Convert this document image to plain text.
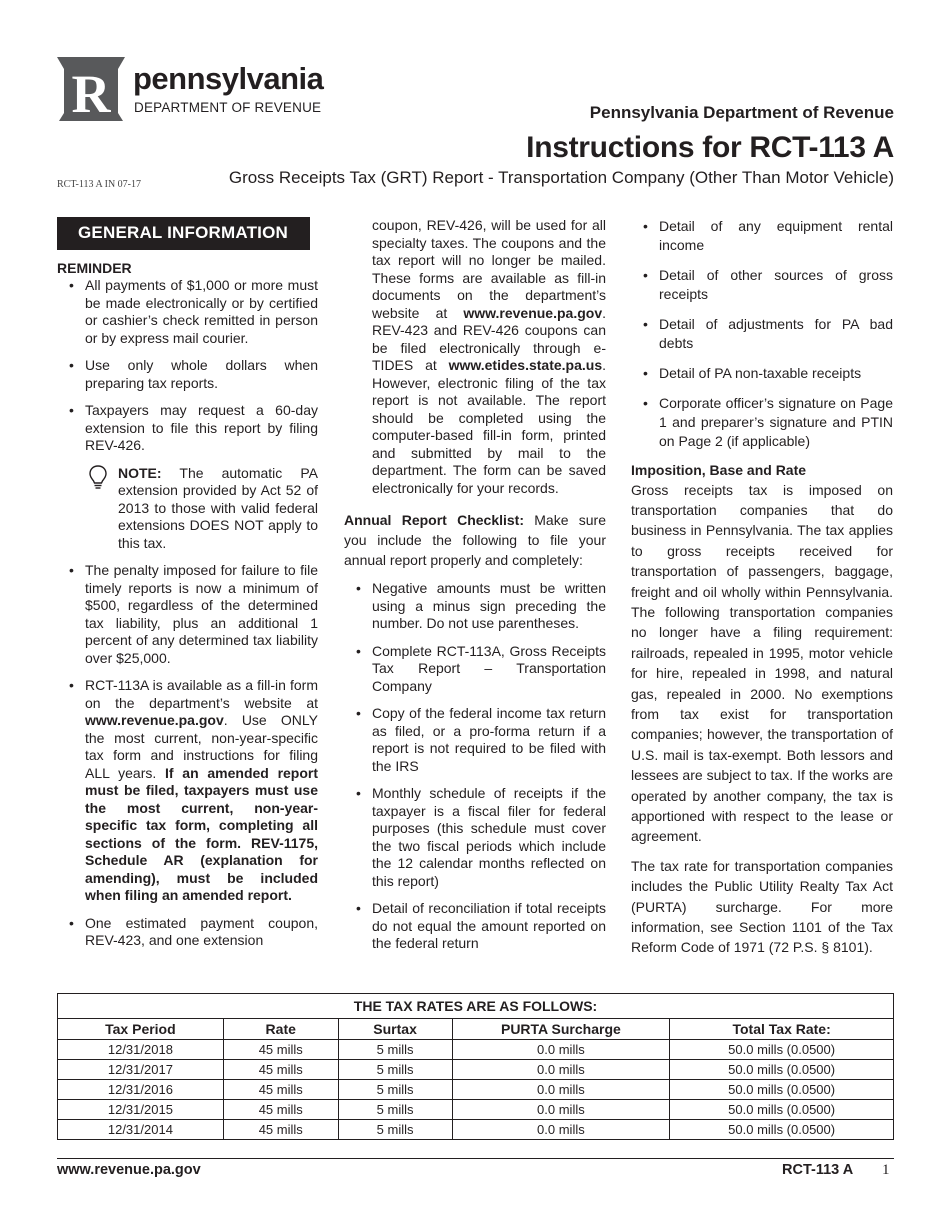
R pennsylvania
DEPARTMENT OF REVENUE	Pennsylvania Department of Revenue
Instructions for RCT-113 A
RCT-113 A IN 07-17	Gross Receipts Tax (GRT) Report - Transportation Company (Other Than Motor Vehicle)
GENERAL INFORMATION

REMINDER

• All payments of $1,000 or more must be made electronically or by certified or cashier’s check remitted in person or by express mail courier.
• Use only whole dollars when preparing tax reports.
• Taxpayers may request a 60-day extension to file this report by filing REV-426.
NOTE: The automatic PA extension provided by Act 52 of 2013 to those with valid federal extensions DOES NOT apply to this tax.
• The penalty imposed for failure to file timely reports is now a minimum of $500, regardless of the determined tax liability, plus an additional 1 percent of any determined tax liability over $25,000.
• RCT-113A is available as a fill-in form on the department’s website at www.revenue.pa.gov. Use ONLY the most current, non-year-specific tax form and instructions for filing ALL years. If an amended report must be filed, taxpayers must use the most current, non-year-specific tax form, completing all sections of the form. REV-1175, Schedule AR (explanation for amending), must be included when filing an amended report.
• One estimated payment coupon, REV-423, and one extension

coupon, REV-426, will be used for all specialty taxes. The coupons and the tax report will no longer be mailed. These forms are available as fill-in documents on the department’s website at www.revenue.pa.gov. REV-423 and REV-426 coupons can be filed electronically through e-TIDES at www.etides.state.pa.us. However, electronic filing of the tax report is not available. The report should be completed using the computer-based fill-in form, printed and submitted by mail to the department. The form can be saved electronically for your records.

Annual Report Checklist: Make sure you include the following to file your annual report properly and completely:

• Negative amounts must be written using a minus sign preceding the number. Do not use parentheses.
• Complete RCT-113A, Gross Receipts Tax Report – Transportation Company
• Copy of the federal income tax return as filed, or a pro-forma return if a report is not required to be filed with the IRS
• Monthly schedule of receipts if the taxpayer is a fiscal filer for federal purposes (this schedule must cover the two fiscal periods which include the 12 calendar months reflected on this report)
• Detail of reconciliation if total receipts do not equal the amount reported on the federal return
• Detail of any equipment rental income
• Detail of other sources of gross receipts
• Detail of adjustments for PA bad debts
• Detail of PA non-taxable receipts
• Corporate officer’s signature on Page 1 and preparer’s signature and PTIN on Page 2 (if applicable)

Imposition, Base and Rate

Gross receipts tax is imposed on transportation companies that do business in Pennsylvania. The tax applies to gross receipts received for transportation of passengers, baggage, freight and oil wholly within Pennsylvania. The following transportation companies no longer have a filing requirement: railroads, repealed in 1995, motor vehicle for hire, repealed in 1998, and natural gas, repealed in 2000. No exemptions from tax exist for transportation companies; however, the transportation of U.S. mail is tax-exempt. Both lessors and lessees are subject to tax. If the works are operated by another company, the tax is apportioned with respect to the lease or agreement.

The tax rate for transportation companies includes the Public Utility Realty Tax Act (PURTA) surcharge. For more information, see Section 1101 of the Tax Reform Code of 1971 (72 P.S. § 8101).

THE TAX RATES ARE AS FOLLOWS:				
Tax Period	Rate	Surtax	PURTA Surcharge	Total Tax Rate:
12/31/2018	45 mills	5 mills	0.0 mills	50.0 mills (0.0500)
12/31/2017	45 mills	5 mills	0.0 mills	50.0 mills (0.0500)
12/31/2016	45 mills	5 mills	0.0 mills	50.0 mills (0.0500)
12/31/2015	45 mills	5 mills	0.0 mills	50.0 mills (0.0500)
12/31/2014	45 mills	5 mills	0.0 mills	50.0 mills (0.0500)
www.revenue.pa.gov	RCT-113 A 1
